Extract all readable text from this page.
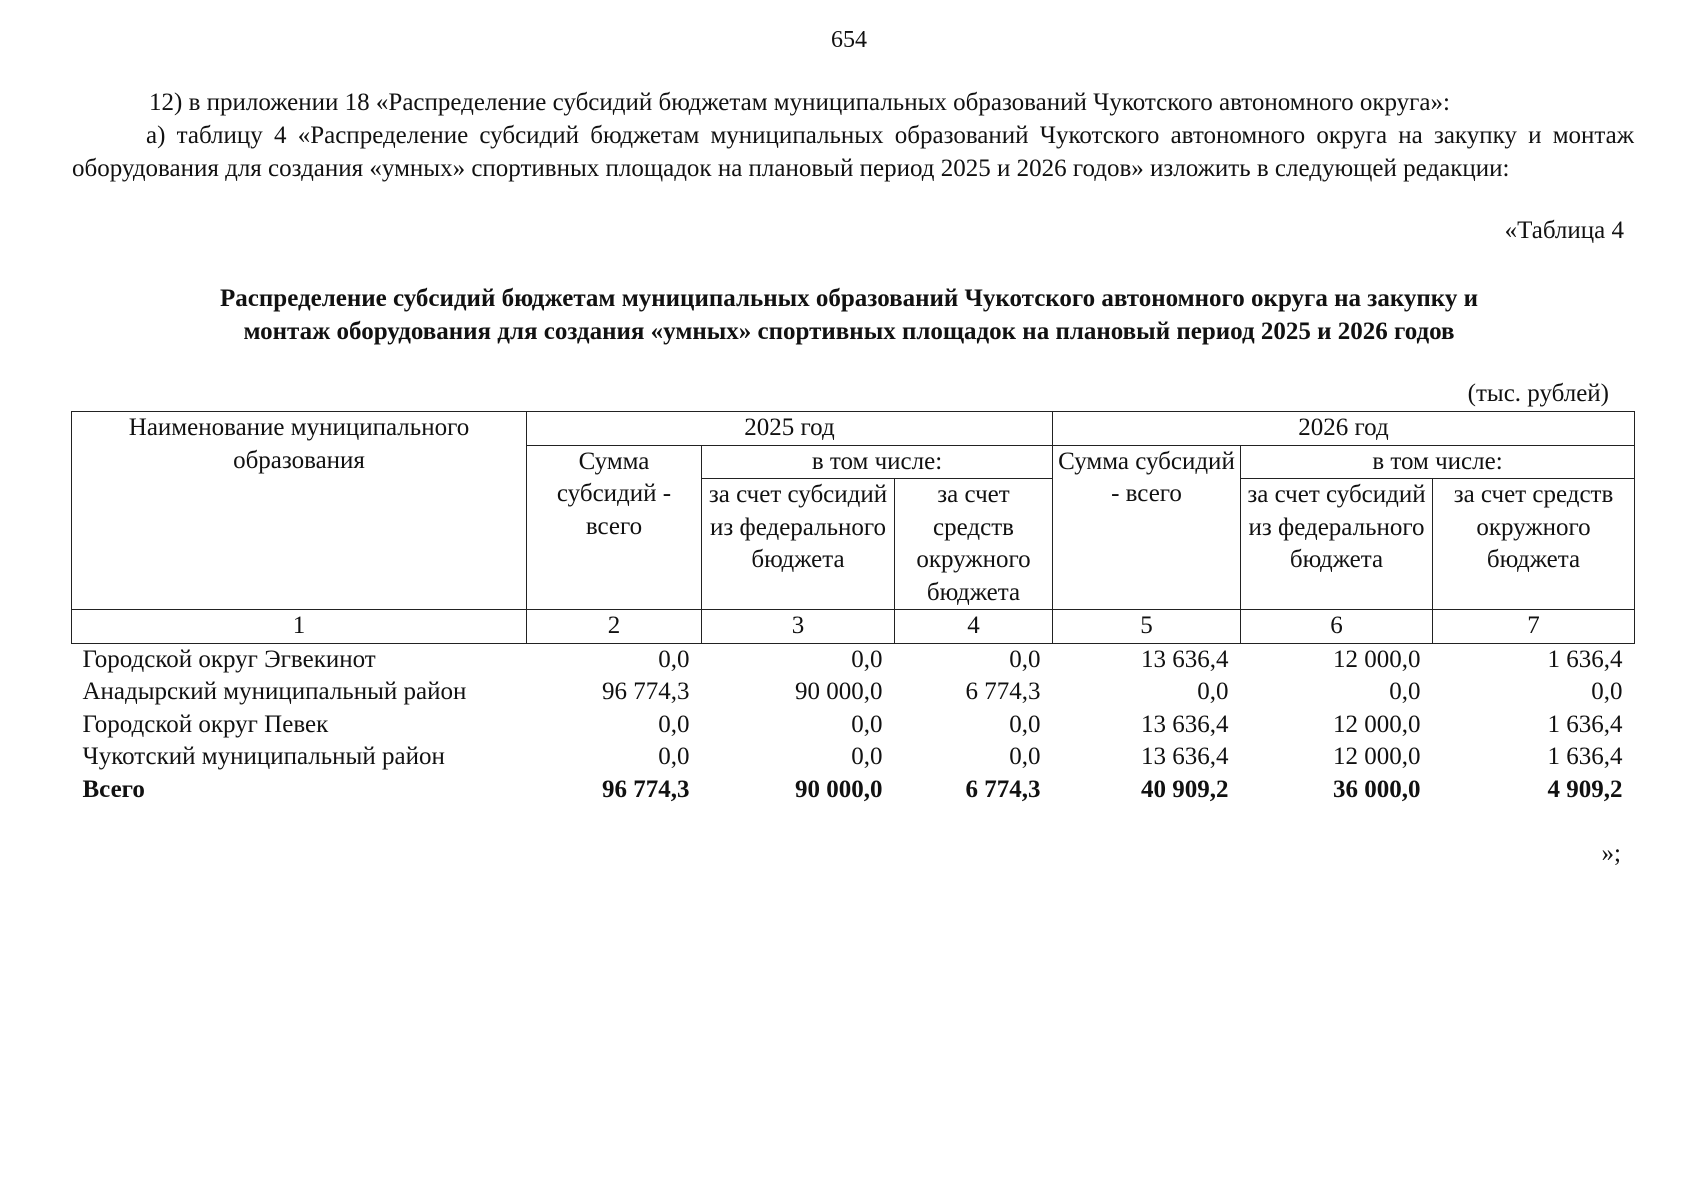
654
12) в приложении 18 «Распределение субсидий бюджетам муниципальных образований Чукотского автономного округа»:
а) таблицу 4 «Распределение субсидий бюджетам муниципальных образований Чукотского автономного округа на закупку и монтаж оборудования для создания «умных» спортивных площадок на плановый период 2025 и 2026 годов» изложить в следующей редакции:
«Таблица 4
Распределение субсидий бюджетам муниципальных образований Чукотского автономного округа на закупку и
монтаж оборудования для создания «умных» спортивных площадок на плановый период 2025 и 2026 годов
(тыс. рублей)
Наименование муниципального образования	2025 год			2026 год		
	Сумма субсидий - всего	в том числе:		Сумма субсидий - всего	в том числе:	
		за счет субсидий из федерального бюджета	за счет средств окружного бюджета		за счет субсидий из федерального бюджета	за счет средств окружного бюджета
1	2	3	4	5	6	7
Городской округ Эгвекинот	0,0	0,0	0,0	13 636,4	12 000,0	1 636,4
Анадырский муниципальный район	96 774,3	90 000,0	6 774,3	0,0	0,0	0,0
Городской округ Певек	0,0	0,0	0,0	13 636,4	12 000,0	1 636,4
Чукотский муниципальный район	0,0	0,0	0,0	13 636,4	12 000,0	1 636,4
Всего	96 774,3	90 000,0	6 774,3	40 909,2	36 000,0	4 909,2
»;
